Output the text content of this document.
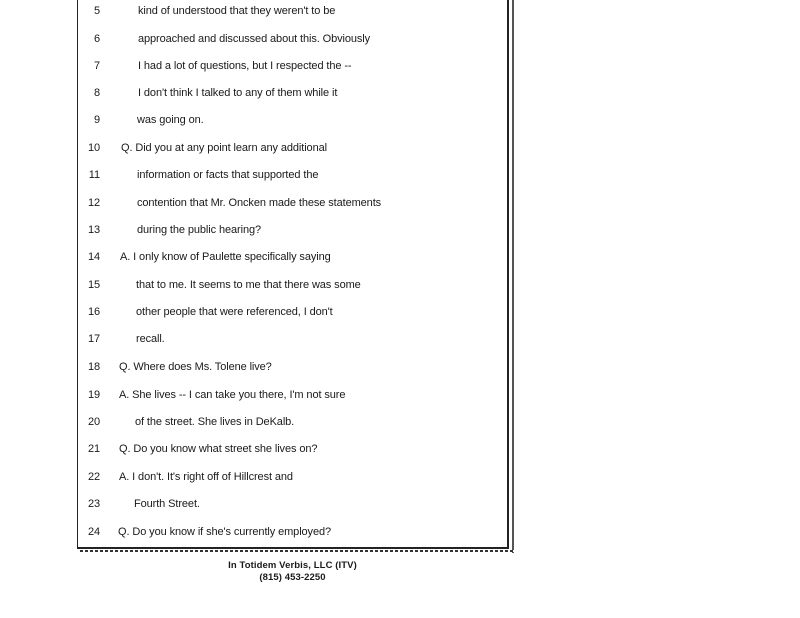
5	kind of understood that they weren't to be
6	approached and discussed about this. Obviously
7	I had a lot of questions, but I respected the --
8	I don't think I talked to any of them while it
9	was going on.
10 Q. Did you at any point learn any additional
11	information or facts that supported the
12	contention that Mr. Oncken made these statements
13	during the public hearing?
14 A. I only know of Paulette specifically saying
15	that to me. It seems to me that there was some
16	other people that were referenced, I don't
17	recall.
18 Q. Where does Ms. Tolene live?
19 A. She lives -- I can take you there, I'm not sure
20	of the street. She lives in DeKalb.
21 Q. Do you know what street she lives on?
22 A. I don't. It's right off of Hillcrest and
23	Fourth Street.
24 Q. Do you know if she's currently employed?
In Totidem Verbis, LLC (ITV)
(815) 453-2250
